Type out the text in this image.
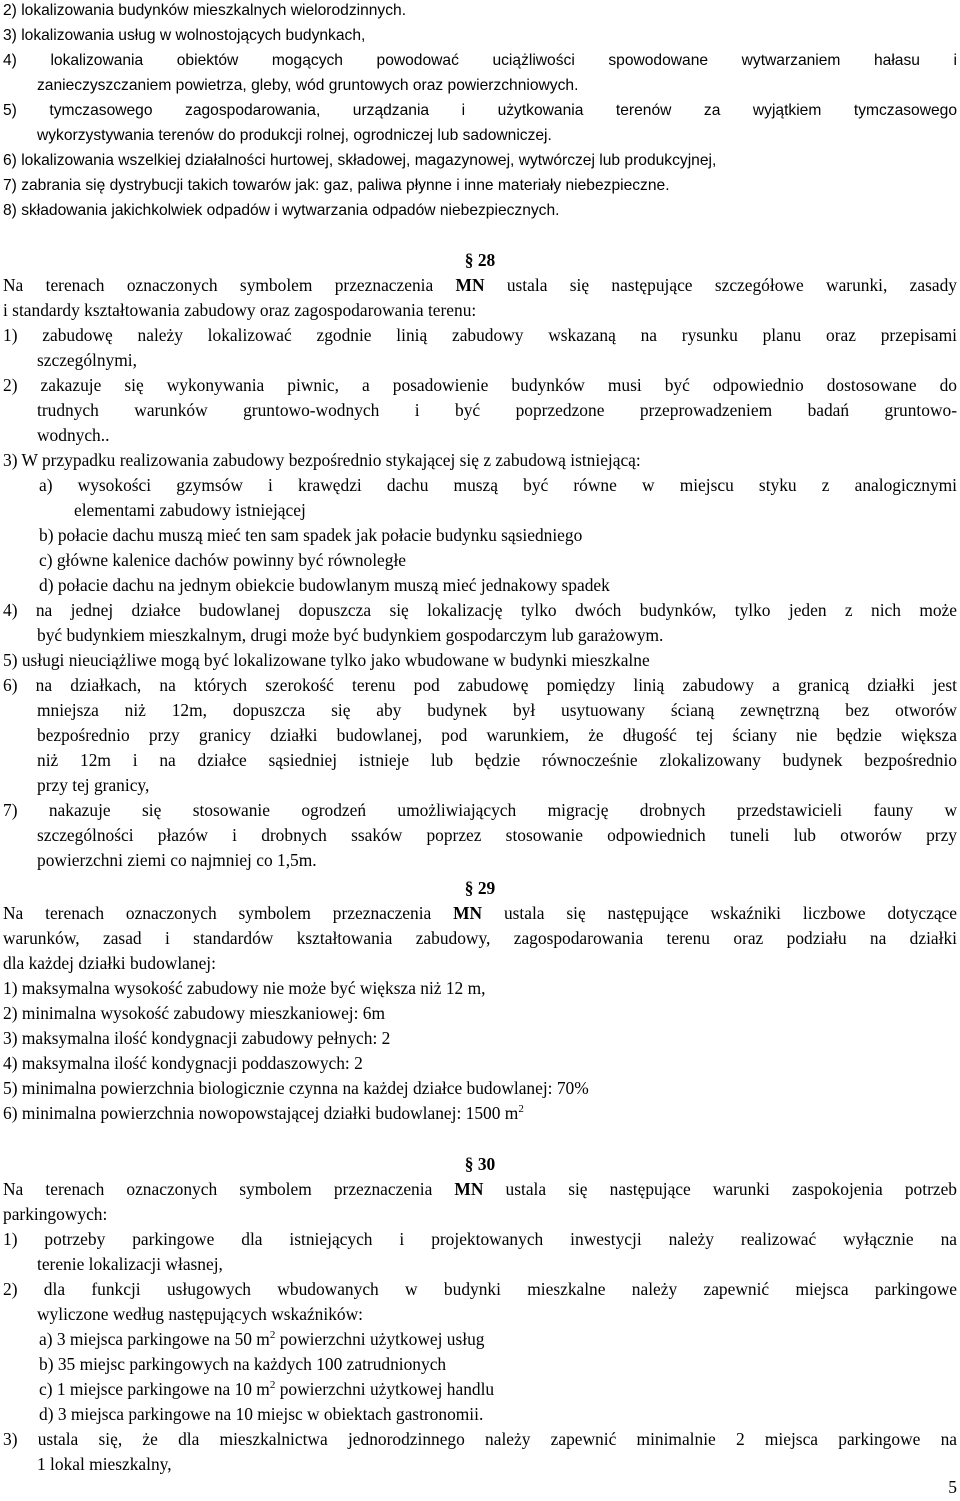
2) lokalizowania budynków mieszkalnych wielorodzinnych.
3) lokalizowania usług w wolnostojących budynkach,
4) lokalizowania obiektów mogących powodować uciążliwości spowodowane wytwarzaniem hałasu i
zanieczyszczaniem powietrza, gleby, wód gruntowych oraz powierzchniowych.
5) tymczasowego zagospodarowania, urządzania i użytkowania terenów za wyjątkiem tymczasowego
wykorzystywania terenów do produkcji rolnej, ogrodniczej lub sadowniczej.
6) lokalizowania wszelkiej działalności hurtowej, składowej, magazynowej, wytwórczej lub produkcyjnej,
7) zabrania się dystrybucji takich towarów jak: gaz, paliwa płynne i inne materiały niebezpieczne.
8) składowania jakichkolwiek odpadów i wytwarzania odpadów niebezpiecznych.
§ 28
Na terenach oznaczonych symbolem przeznaczenia MN ustala się następujące szczegółowe warunki, zasady
i standardy kształtowania zabudowy oraz zagospodarowania terenu:
1) zabudowę należy lokalizować zgodnie linią zabudowy wskazaną na rysunku planu oraz przepisami
szczególnymi,
2) zakazuje się wykonywania piwnic, a posadowienie budynków musi być odpowiednio dostosowane do
trudnych warunków gruntowo-wodnych i być poprzedzone przeprowadzeniem badań gruntowo-
wodnych..
3) W przypadku realizowania zabudowy bezpośrednio stykającej się z zabudową istniejącą:
a) wysokości gzymsów i krawędzi dachu muszą być równe w miejscu styku z analogicznymi
elementami zabudowy istniejącej
b) połacie dachu muszą mieć ten sam spadek jak połacie budynku sąsiedniego
c) główne kalenice dachów powinny być równoległe
d) połacie dachu na jednym obiekcie budowlanym muszą mieć jednakowy spadek
4) na jednej działce budowlanej dopuszcza się lokalizację tylko dwóch budynków, tylko jeden z nich może
być budynkiem mieszkalnym, drugi może być budynkiem gospodarczym lub garażowym.
5) usługi nieuciążliwe mogą być lokalizowane tylko jako wbudowane w budynki mieszkalne
6) na działkach, na których szerokość terenu pod zabudowę pomiędzy linią zabudowy a granicą działki jest
mniejsza niż 12m, dopuszcza się aby budynek był usytuowany ścianą zewnętrzną bez otworów
bezpośrednio przy granicy działki budowlanej, pod warunkiem, że długość tej ściany nie będzie większa
niż 12m i na działce sąsiedniej istnieje lub będzie równocześnie zlokalizowany budynek bezpośrednio
przy tej granicy,
7) nakazuje się stosowanie ogrodzeń umożliwiających migrację drobnych przedstawicieli fauny w
szczególności płazów i drobnych ssaków poprzez stosowanie odpowiednich tuneli lub otworów przy
powierzchni ziemi co najmniej co 1,5m.
§ 29
Na terenach oznaczonych symbolem przeznaczenia MN ustala się następujące wskaźniki liczbowe dotyczące
warunków, zasad i standardów kształtowania zabudowy, zagospodarowania terenu oraz podziału na działki
dla każdej działki budowlanej:
1) maksymalna wysokość zabudowy nie może być większa niż 12 m,
2) minimalna wysokość zabudowy mieszkaniowej: 6m
3) maksymalna ilość kondygnacji zabudowy pełnych: 2
4) maksymalna ilość kondygnacji poddaszowych: 2
5) minimalna powierzchnia biologicznie czynna na każdej działce budowlanej: 70%
6) minimalna powierzchnia nowopowstającej działki budowlanej: 1500 $m^2$
§ 30
Na terenach oznaczonych symbolem przeznaczenia MN ustala się następujące warunki zaspokojenia potrzeb
parkingowych:
1) potrzeby parkingowe dla istniejących i projektowanych inwestycji należy realizować wyłącznie na
terenie lokalizacji własnej,
2) dla funkcji usługowych wbudowanych w budynki mieszkalne należy zapewnić miejsca parkingowe
wyliczone według następujących wskaźników:
a) 3 miejsca parkingowe na 50 $m^2$ powierzchni użytkowej usług
b) 35 miejsc parkingowych na każdych 100 zatrudnionych
c) 1 miejsce parkingowe na 10 $m^2$ powierzchni użytkowej handlu
d) 3 miejsca parkingowe na 10 miejsc w obiektach gastronomii.
3) ustala się, że dla mieszkalnictwa jednorodzinnego należy zapewnić minimalnie 2 miejsca parkingowe na
1 lokal mieszkalny,
5
